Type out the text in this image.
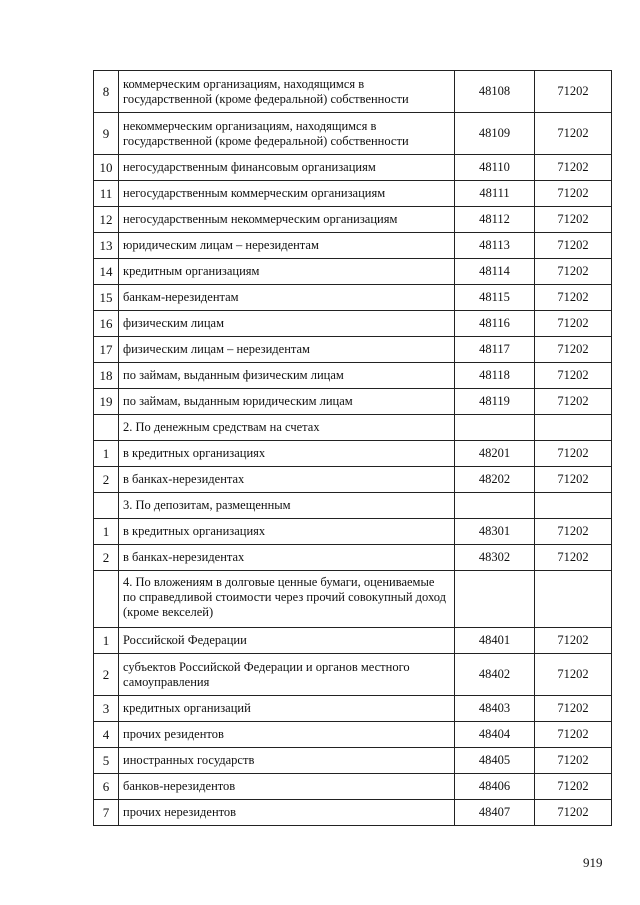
8	коммерческим организациям, находящимся в государственной (кроме федеральной) собственности	48108	71202
9	некоммерческим организациям, находящимся в государственной (кроме федеральной) собственности	48109	71202
10	негосударственным финансовым организациям	48110	71202
11	негосударственным коммерческим организациям	48111	71202
12	негосударственным некоммерческим организациям	48112	71202
13	юридическим лицам – нерезидентам	48113	71202
14	кредитным организациям	48114	71202
15	банкам-нерезидентам	48115	71202
16	физическим лицам	48116	71202
17	физическим лицам – нерезидентам	48117	71202
18	по займам, выданным физическим лицам	48118	71202
19	по займам, выданным юридическим лицам	48119	71202
	2. По денежным средствам на счетах		
1	в кредитных организациях	48201	71202
2	в банках-нерезидентах	48202	71202
	3. По депозитам, размещенным		
1	в кредитных организациях	48301	71202
2	в банках-нерезидентах	48302	71202
	4. По вложениям в долговые ценные бумаги, оцениваемые по справедливой стоимости через прочий совокупный доход (кроме векселей)		
1	Российской Федерации	48401	71202
2	субъектов Российской Федерации и органов местного самоуправления	48402	71202
3	кредитных организаций	48403	71202
4	прочих резидентов	48404	71202
5	иностранных государств	48405	71202
6	банков-нерезидентов	48406	71202
7	прочих нерезидентов	48407	71202
919
